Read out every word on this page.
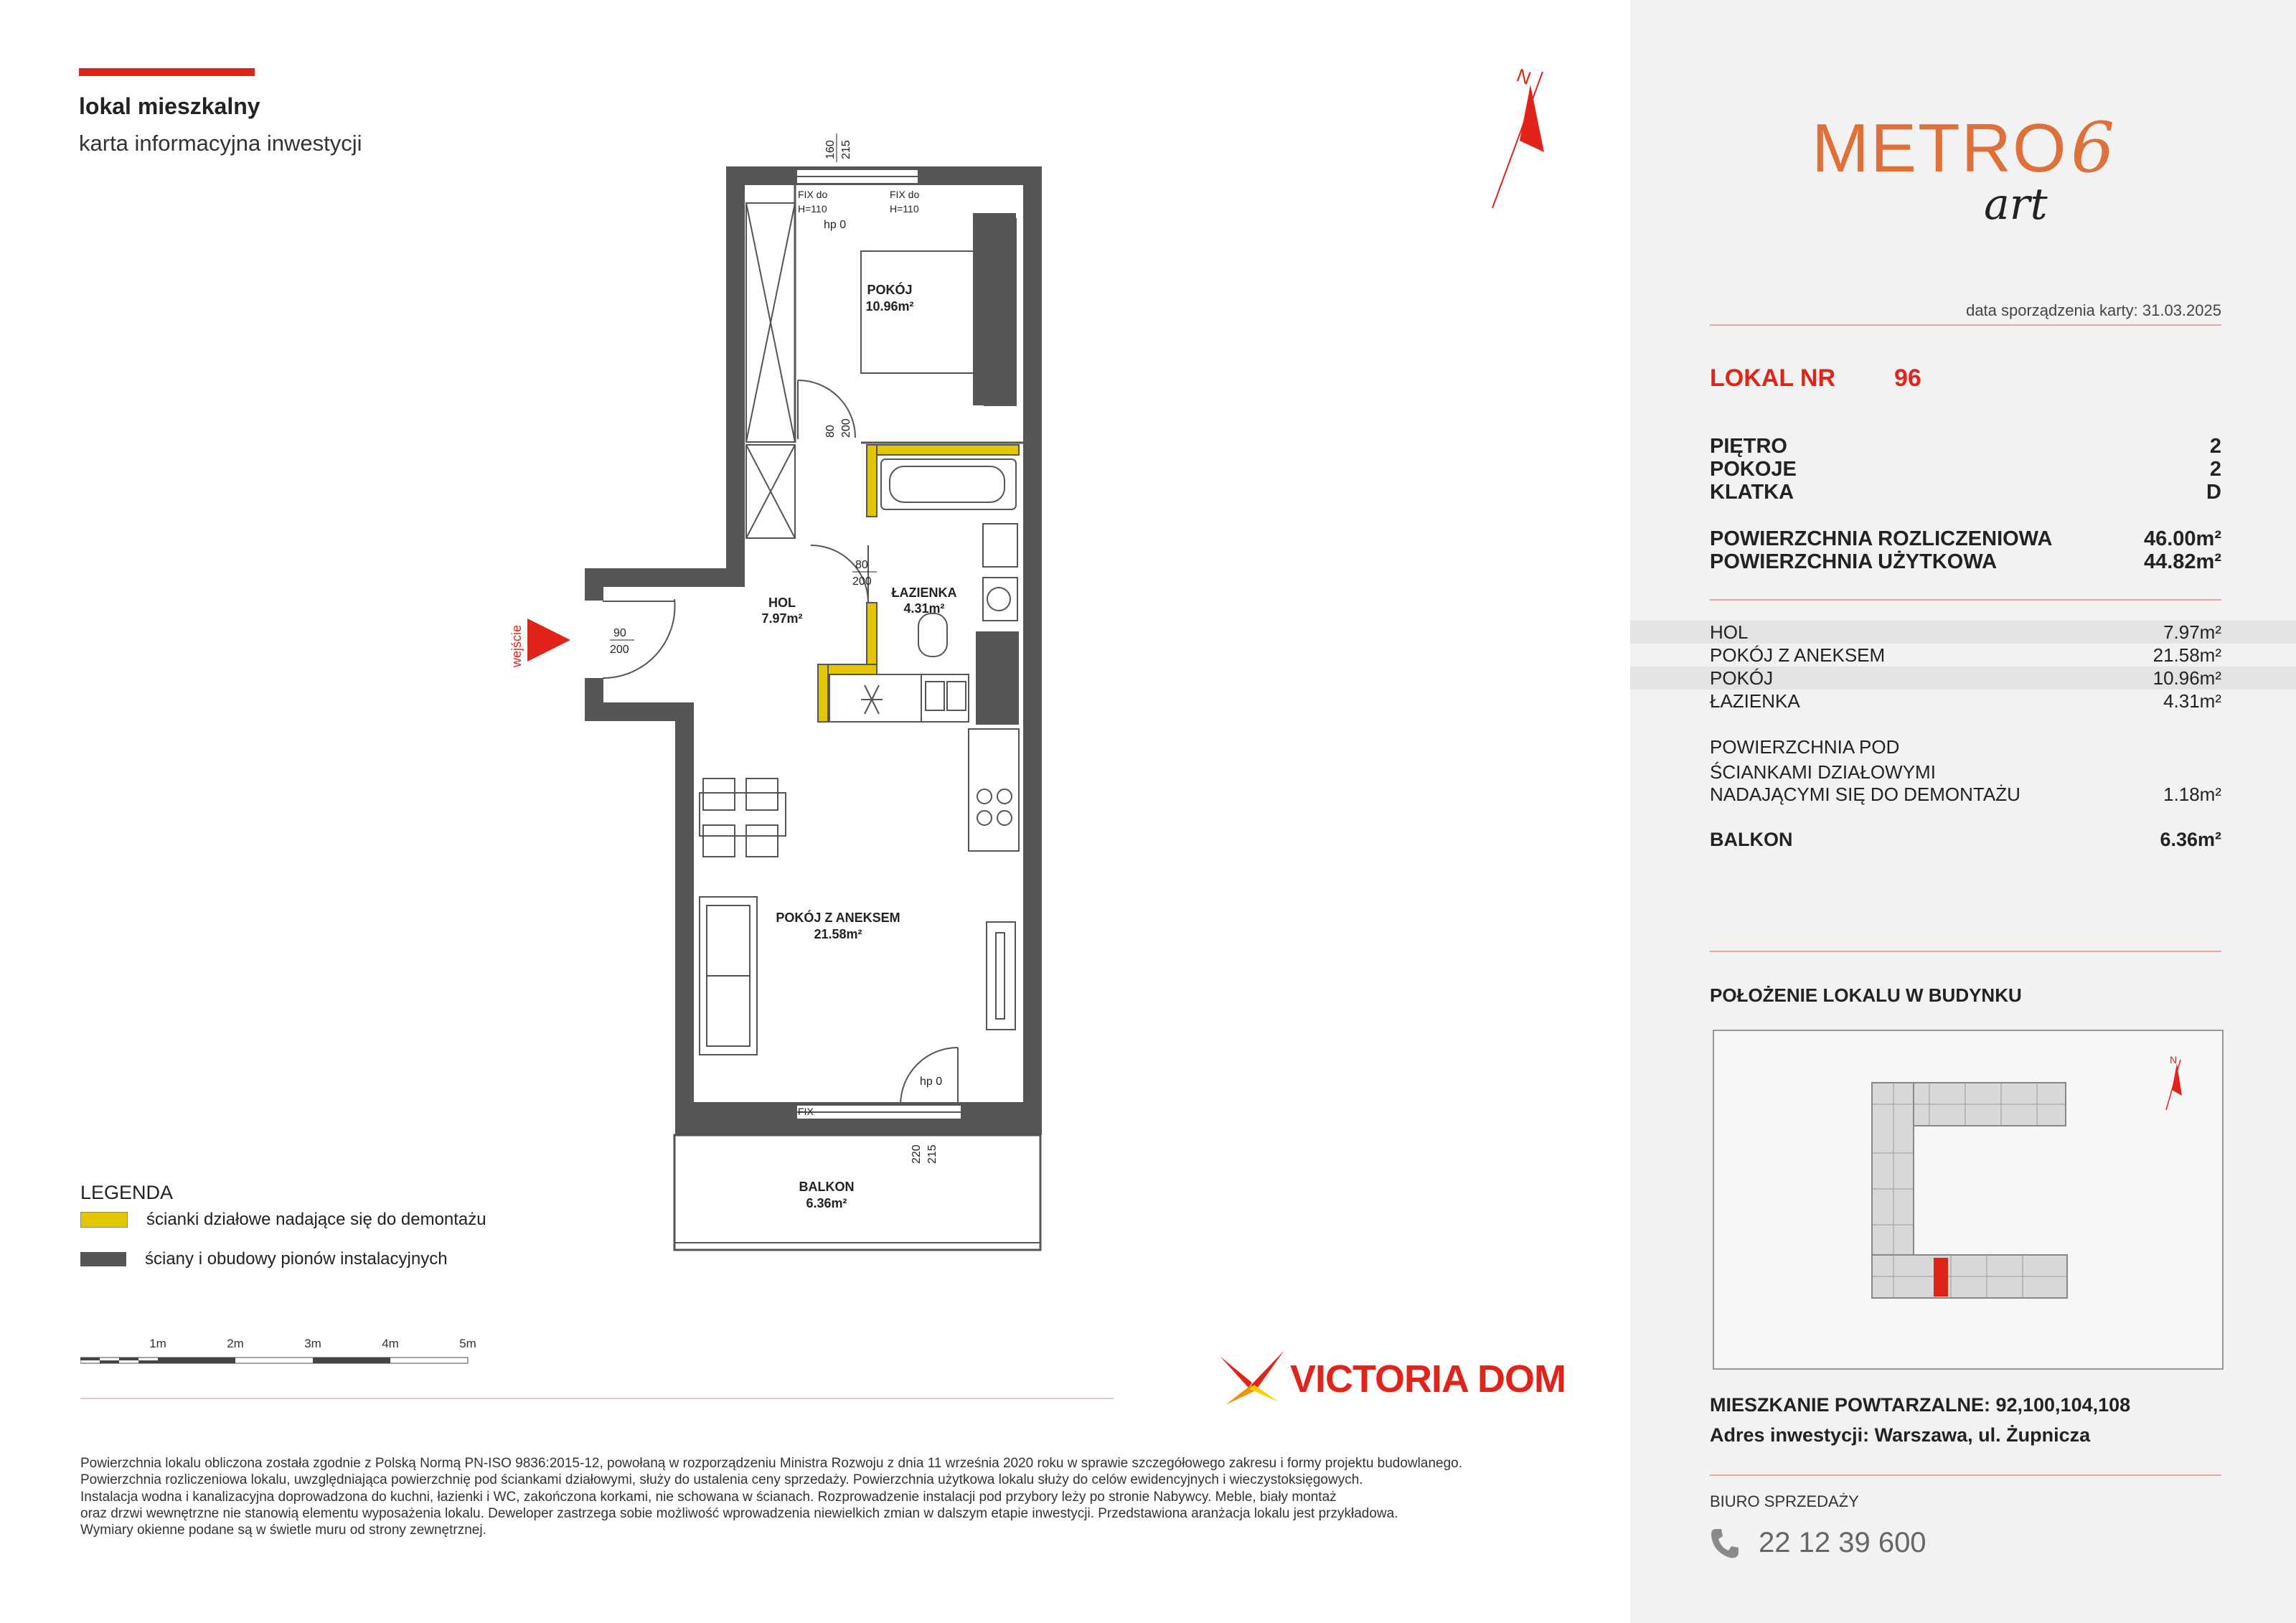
lokal mieszkalny
karta informacyjna inwestycji
N
wejście
POKÓJ
10.96m²
HOL
7.97m²
ŁAZIENKA
4.31m²
POKÓJ Z ANEKSEM
21.58m²
BALKON
6.36m²
160 215
FIX do
H=110
FIX do
H=110
hp 0
80 200
80
200
90
200
FIX
hp 0
220 215
LEGENDA
ścianki działowe nadające się do demontażu
ściany i obudowy pionów instalacyjnych
1m	2m	3m	4m	5m
VICTORIA DOM

Powierzchnia lokalu obliczona została zgodnie z Polską Normą PN-ISO 9836:2015-12, powołaną w rozporządzeniu Ministra Rozwoju z dnia 11 września 2020 roku w sprawie szczegółowego zakresu i formy projektu budowlanego.

Powierzchnia rozliczeniowa lokalu, uwzględniająca powierzchnię pod ściankami działowymi, służy do ustalenia ceny sprzedaży. Powierzchnia użytkowa lokalu służy do celów ewidencyjnych i wieczystoksięgowych.

Instalacja wodna i kanalizacyjna doprowadzona do kuchni, łazienki i WC, zakończona korkami, nie schowana w ścianach. Rozprowadzenie instalacji pod przybory leży po stronie Nabywcy. Meble, biały montaż

oraz drzwi wewnętrzne nie stanowią elementu wyposażenia lokalu. Deweloper zastrzega sobie możliwość wprowadzenia niewielkich zmian w dalszym etapie inwestycji. Przedstawiona aranżacja lokalu jest przykładowa.

Wymiary okienne podane są w świetle muru od strony zewnętrznej.

METRO 6
art
data sporządzenia karty: 31.03.2025
LOKAL NR 96
PIĘTRO	2
POKOJE	2
KLATKA	D
POWIERZCHNIA ROZLICZENIOWA	46.00m²
POWIERZCHNIA UŻYTKOWA	44.82m²
HOL	7.97m²
POKÓJ Z ANEKSEM	21.58m²
POKÓJ	10.96m²
ŁAZIENKA	4.31m²
POWIERZCHNIA POD
ŚCIANKAMI DZIAŁOWYMI
NADAJĄCYMI SIĘ DO DEMONTAŻU	1.18m²
BALKON	6.36m²
POŁOŻENIE LOKALU W BUDYNKU
N
MIESZKANIE POWTARZALNE: 92,100,104,108
Adres inwestycji: Warszawa, ul. Żupnicza
BIURO SPRZEDAŻY
22 12 39 600
